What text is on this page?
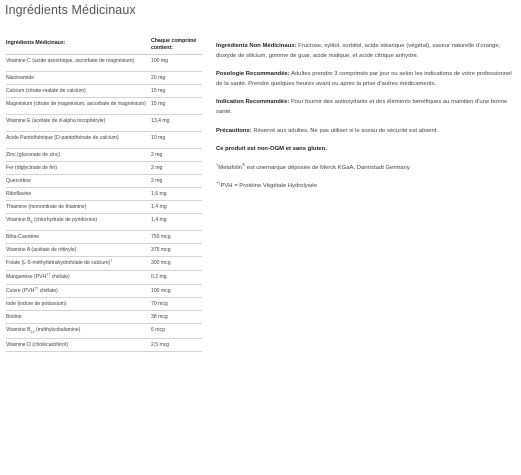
Ingrédients Médicinaux
Ingrédients Médicinaux:	Chaque comprimé contient:
Vitamine C (acide ascorbique, ascorbate de magnésium)	100 mg
Niacinamide	20 mg
Calcium (citrate-malate de calcium)	15 mg
Magnésium (citrate de magnésium, ascorbate de magnésium)	15 mg
Vitamine E (acétate de d-alpha tocophéryle)	13,4 mg
Acide Pantothénique (D-pantothénate de calcium)	10 mg
Zinc (gluconate de zinc)	2 mg
Fer (diglycinate de fer)	2 mg
Quercétine	2 mg
Riboflavine	1,6 mg
Thiamine (mononitrate de thiamine)	1,4 mg
Vitamine $B_6$ (chlorhydrate de pyridoxine)	1,4 mg
Bêta-Carotène	750 mcg
Vitamine A (acétate de rétinyle)	375 mcg
Folate (L-5-méthyltétrahydrofolate de calcium)†	300 mcg
Manganèse (PVH†† chélate)	0,2 mg
Cuivre (PVH†† chélate)	100 mcg
Iode (iodure de potassium)	70 mcg
Biotine	38 mcg
Vitamine $B_{12}$ (méthylcobalamine)	6 mcg
Vitamine D (cholécalciférol)	2,5 mcg

Ingrédients Non Médicinaux: Fructose, xylitol, sorbitol, acide stéarique (végétal), saveur naturelle d'orange, dioxyde de silicium, gomme de guar, acide malique, et acide citrique anhydre.

Posologie Recommandée: Adultes prendre 3 comprimés par jour ou selon les indications de votre professionnel de la santé. Prendre quelques heures avant ou après la prise d'autres médicaments.

Indication Recommandée: Pour fournir des antioxydants et des éléments bénéfiques au maintien d'une bonne santé.

Précautions: Réservé aux adultes. Ne pas utiliser si le sceau de sécurité est absent.

Ce produit est non-OGM et sans gluten.

†Metafolin® est unemarque déposée de Merck KGaA, Darmstadt Germany

††PVH = Protéine Végétale Hydrolysée
